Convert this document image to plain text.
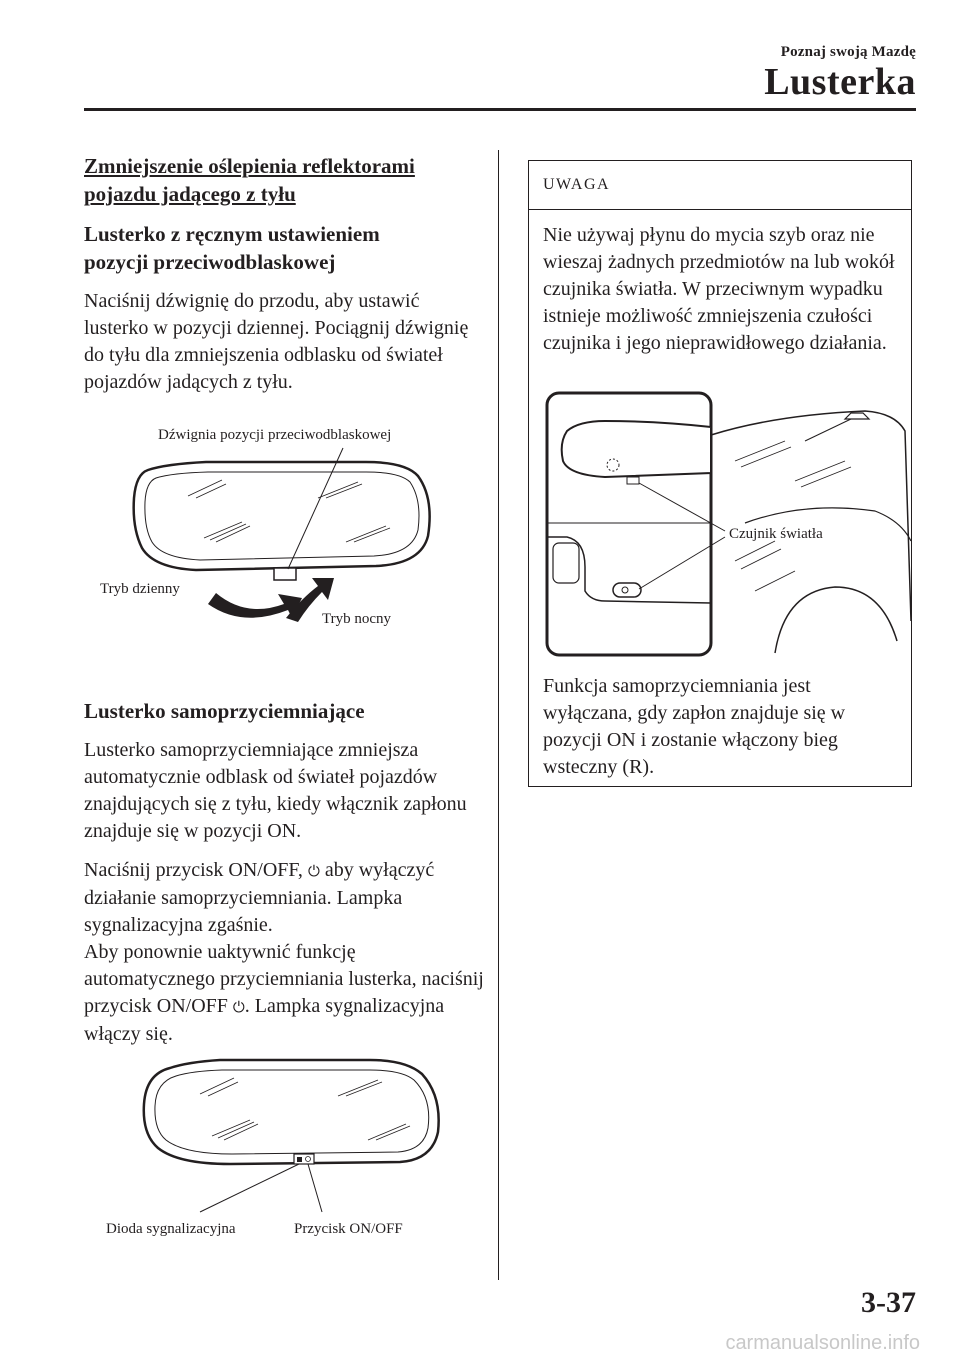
Poznaj swoją Mazdę
Lusterka
Zmniejszenie oślepienia reflektorami
pojazdu jadącego z tyłu
Lusterko z ręcznym ustawieniem
pozycji przeciwodblaskowej

Naciśnij dźwignię do przodu, aby ustawić lusterko w pozycji dziennej. Pociągnij dźwignię do tyłu dla zmniejszenia odblasku od świateł pojazdów jadących z tyłu.

Dźwignia pozycji przeciwodblaskowej
Tryb dzienny
Tryb nocny
Lusterko samoprzyciemniające

Lusterko samoprzyciemniające zmniejsza automatycznie odblask od świateł pojazdów znajdujących się z tyłu, kiedy włącznik zapłonu znajduje się w pozycji ON.

Naciśnij przycisk ON/OFF, ⏻ aby wyłączyć działanie samoprzyciemniania. Lampka sygnalizacyjna zgaśnie.

Aby ponownie uaktywnić funkcję automatycznego przyciemniania lusterka, naciśnij przycisk ON/OFF ⏻. Lampka sygnalizacyjna włączy się.

Dioda sygnalizacyjna	Przycisk ON/OFF
UWAGA

Nie używaj płynu do mycia szyb oraz nie wieszaj żadnych przedmiotów na lub wokół czujnika światła. W przeciwnym wypadku istnieje możliwość zmniejszenia czułości czujnika i jego nieprawidłowego działania.

Czujnik światła

Funkcja samoprzyciemniania jest wyłączana, gdy zapłon znajduje się w pozycji ON i zostanie włączony bieg wsteczny (R).

3-37
carmanualsonline.info
